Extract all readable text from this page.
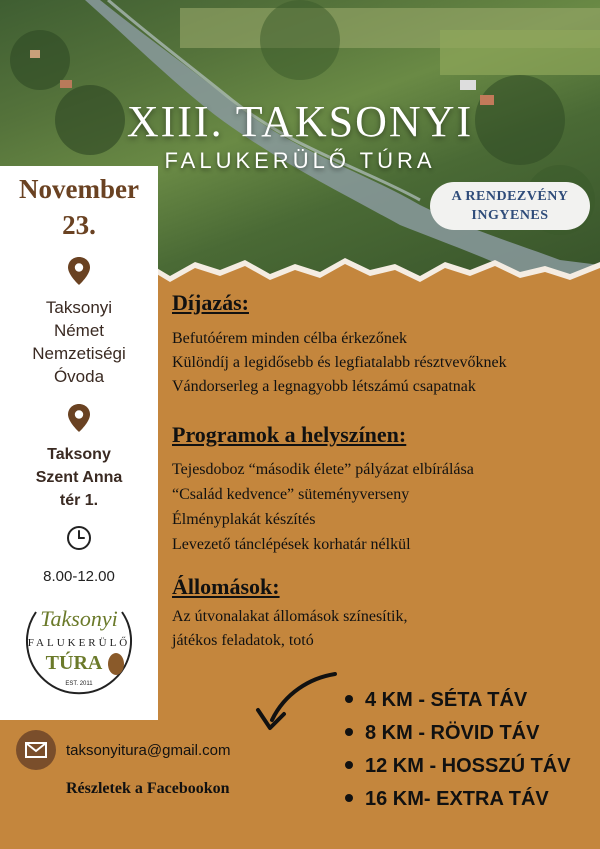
XIII. TAKSONYI
FALUKERÜLŐ TÚRA
A RENDEZVÉNY
INGYENES
November
23.
Taksonyi
Német
Nemzetiségi
Óvoda
Taksony
Szent Anna
tér 1.
8.00-12.00
Taksonyi
FALUKERÜLŐ
TÚRA
EST. 2011
Díjazás:
Befutóérem minden célba érkezőnek
Különdíj a legidősebb és legfiatalabb résztvevőknek
Vándorserleg a legnagyobb létszámú csapatnak
Programok a helyszínen:
Tejesdoboz “második élete” pályázat elbírálása
“Család kedvence” süteményverseny
Élményplakát készítés
Levezető tánclépések korhatár nélkül
Állomások:
Az útvonalakat állomások színesítik,
játékos feladatok, totó
4 KM - SÉTA TÁV
8 KM - RÖVID TÁV
12 KM - HOSSZÚ TÁV
16 KM- EXTRA TÁV
taksonyitura@gmail.com
Részletek a Facebookon
